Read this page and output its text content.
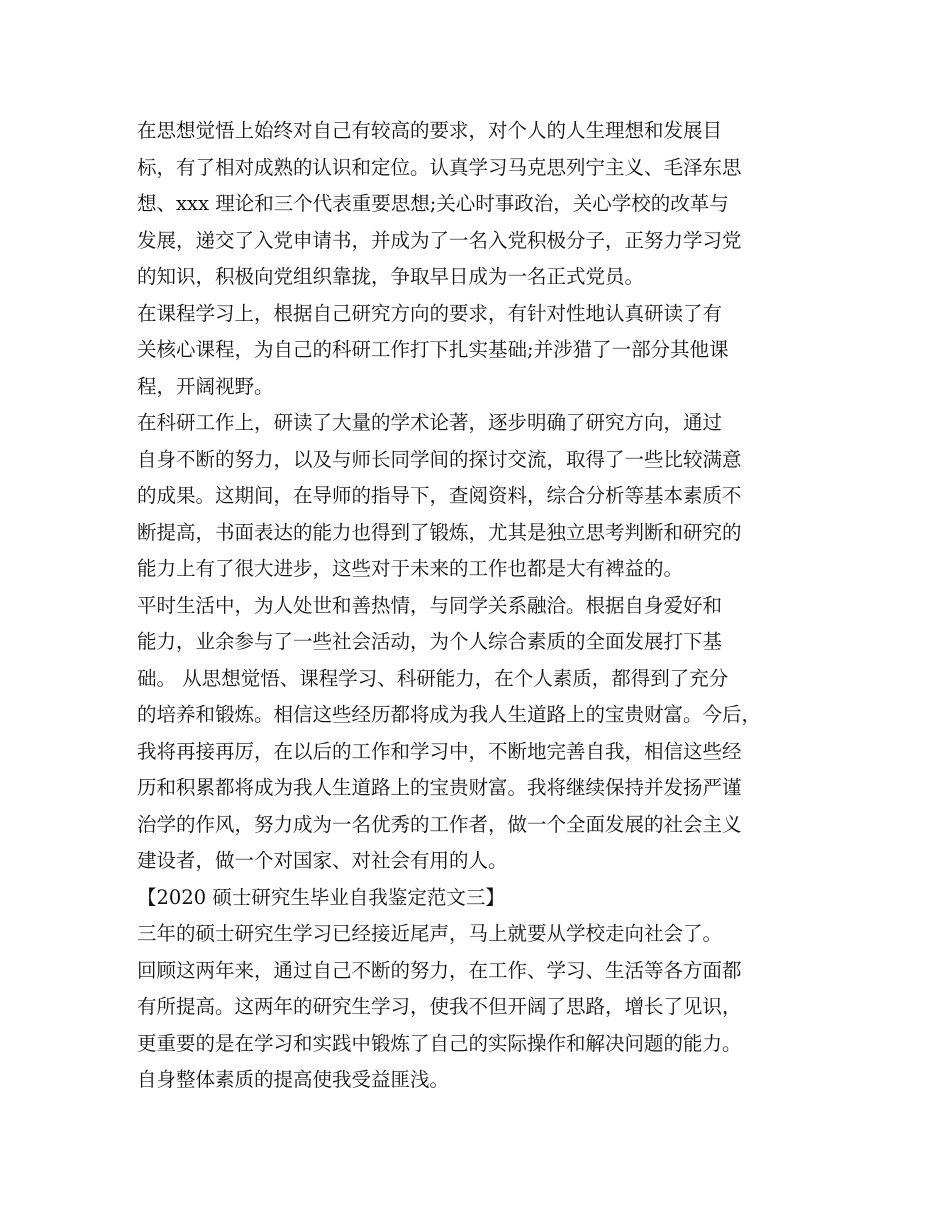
在思想觉悟上始终对自己有较高的要求，对个人的人生理想和发展目
标，有了相对成熟的认识和定位。认真学习马克思列宁主义、毛泽东思
想、xxx 理论和三个代表重要思想;关心时事政治，关心学校的改革与
发展，递交了入党申请书，并成为了一名入党积极分子，正努力学习党
的知识，积极向党组织靠拢，争取早日成为一名正式党员。
在课程学习上，根据自己研究方向的要求，有针对性地认真研读了有
关核心课程，为自己的科研工作打下扎实基础;并涉猎了一部分其他课
程，开阔视野。
在科研工作上，研读了大量的学术论著，逐步明确了研究方向，通过
自身不断的努力，以及与师长同学间的探讨交流，取得了一些比较满意
的成果。这期间，在导师的指导下，查阅资料，综合分析等基本素质不
断提高，书面表达的能力也得到了锻炼，尤其是独立思考判断和研究的
能力上有了很大进步，这些对于未来的工作也都是大有裨益的。
平时生活中，为人处世和善热情，与同学关系融洽。根据自身爱好和
能力，业余参与了一些社会活动，为个人综合素质的全面发展打下基
础。 从思想觉悟、课程学习、科研能力，在个人素质，都得到了充分
的培养和锻炼。相信这些经历都将成为我人生道路上的宝贵财富。今后，
我将再接再厉，在以后的工作和学习中，不断地完善自我，相信这些经
历和积累都将成为我人生道路上的宝贵财富。我将继续保持并发扬严谨
治学的作风，努力成为一名优秀的工作者，做一个全面发展的社会主义
建设者，做一个对国家、对社会有用的人。
【2020 硕士研究生毕业自我鉴定范文三】
三年的硕士研究生学习已经接近尾声，马上就要从学校走向社会了。
回顾这两年来，通过自己不断的努力，在工作、学习、生活等各方面都
有所提高。这两年的研究生学习，使我不但开阔了思路，增长了见识，
更重要的是在学习和实践中锻炼了自己的实际操作和解决问题的能力。
自身整体素质的提高使我受益匪浅。
